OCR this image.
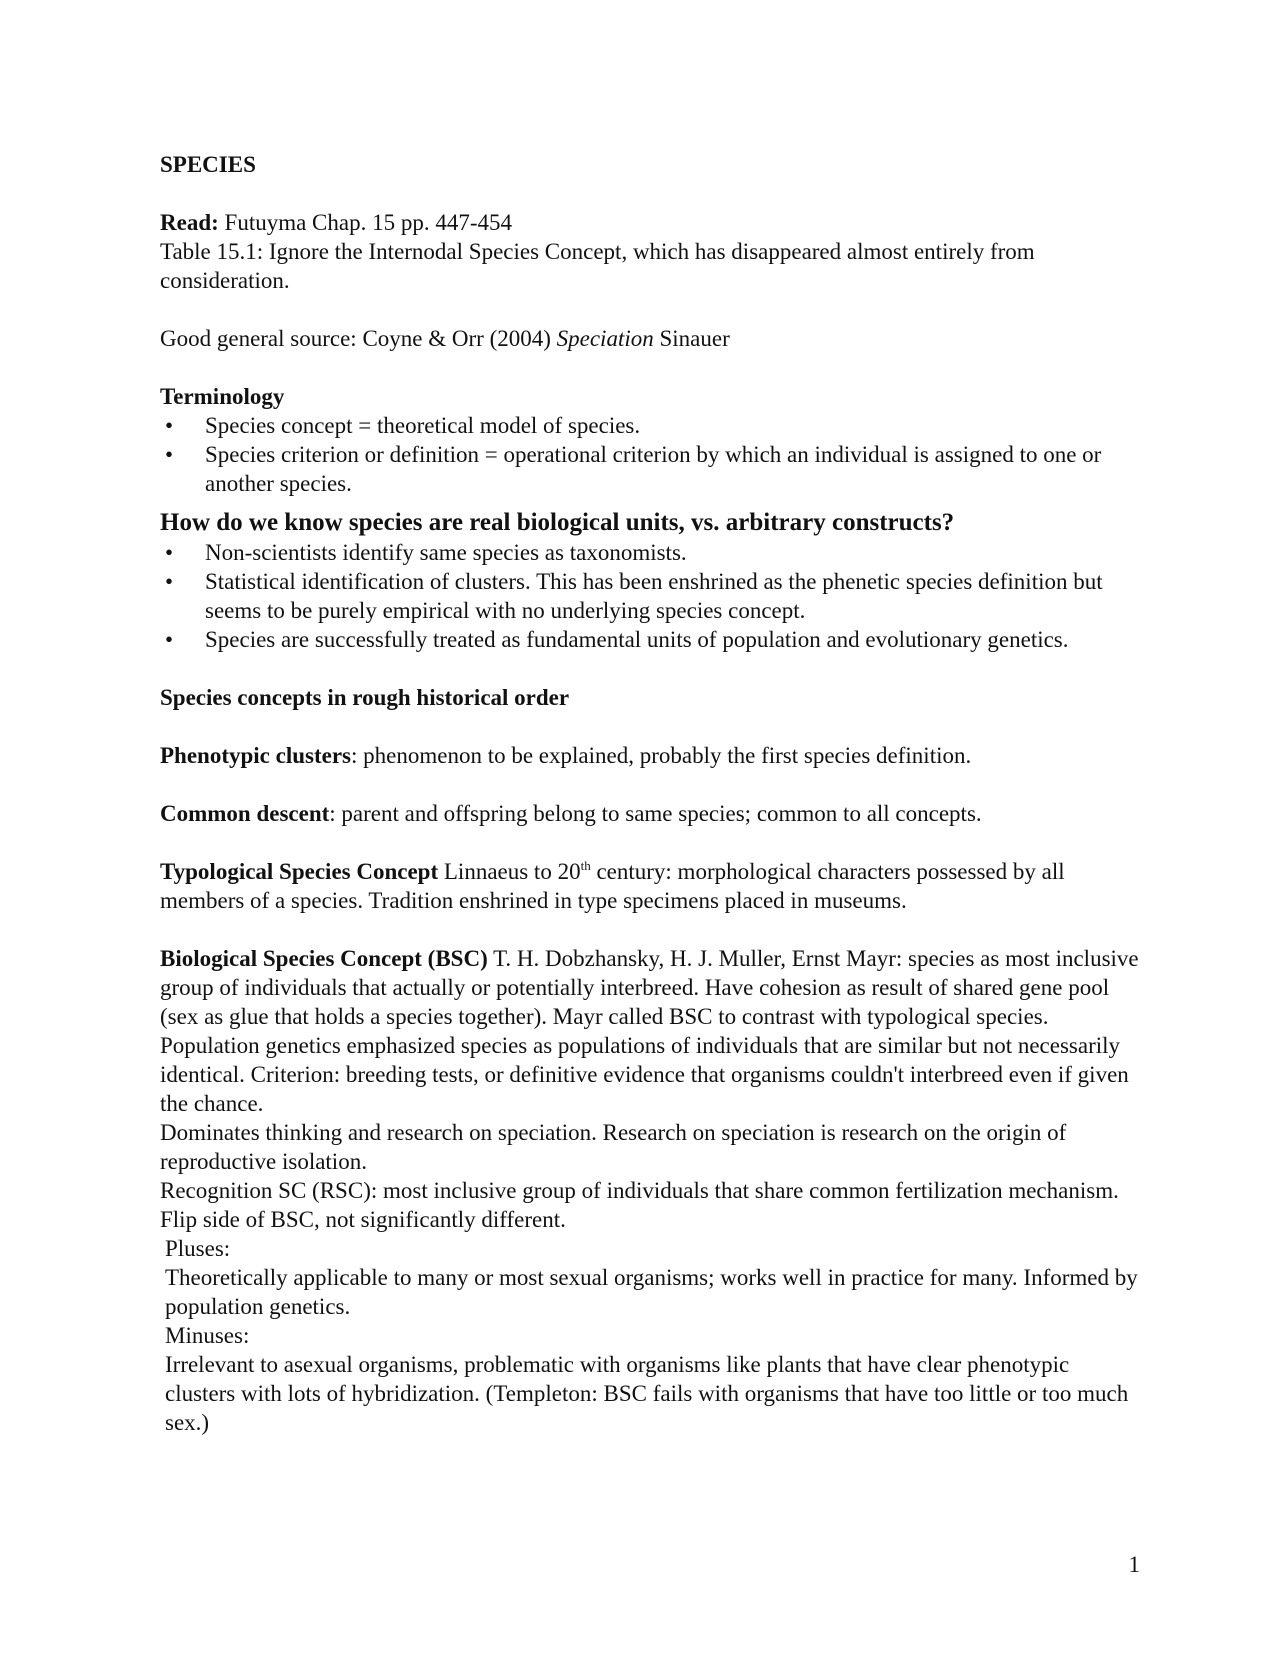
SPECIES

Read: Futuyma Chap. 15 pp. 447-454

Table 15.1: Ignore the Internodal Species Concept, which has disappeared almost entirely from consideration.

Good general source: Coyne & Orr (2004) Speciation Sinauer

Terminology

• Species concept = theoretical model of species.
• Species criterion or definition = operational criterion by which an individual is assigned to one or another species.

How do we know species are real biological units, vs. arbitrary constructs?

• Non-scientists identify same species as taxonomists.
• Statistical identification of clusters. This has been enshrined as the phenetic species definition but seems to be purely empirical with no underlying species concept.
• Species are successfully treated as fundamental units of population and evolutionary genetics.

Species concepts in rough historical order

Phenotypic clusters: phenomenon to be explained, probably the first species definition.

Common descent: parent and offspring belong to same species; common to all concepts.

Typological Species Concept Linnaeus to 20th century: morphological characters possessed by all members of a species. Tradition enshrined in type specimens placed in museums.

Biological Species Concept (BSC) T. H. Dobzhansky, H. J. Muller, Ernst Mayr: species as most inclusive group of individuals that actually or potentially interbreed. Have cohesion as result of shared gene pool (sex as glue that holds a species together). Mayr called BSC to contrast with typological species. Population genetics emphasized species as populations of individuals that are similar but not necessarily identical. Criterion: breeding tests, or definitive evidence that organisms couldn't interbreed even if given the chance.

Dominates thinking and research on speciation. Research on speciation is research on the origin of reproductive isolation.

Recognition SC (RSC): most inclusive group of individuals that share common fertilization mechanism. Flip side of BSC, not significantly different.

Pluses:

Theoretically applicable to many or most sexual organisms; works well in practice for many. Informed by population genetics.

Minuses:

Irrelevant to asexual organisms, problematic with organisms like plants that have clear phenotypic clusters with lots of hybridization. (Templeton: BSC fails with organisms that have too little or too much sex.)

1
